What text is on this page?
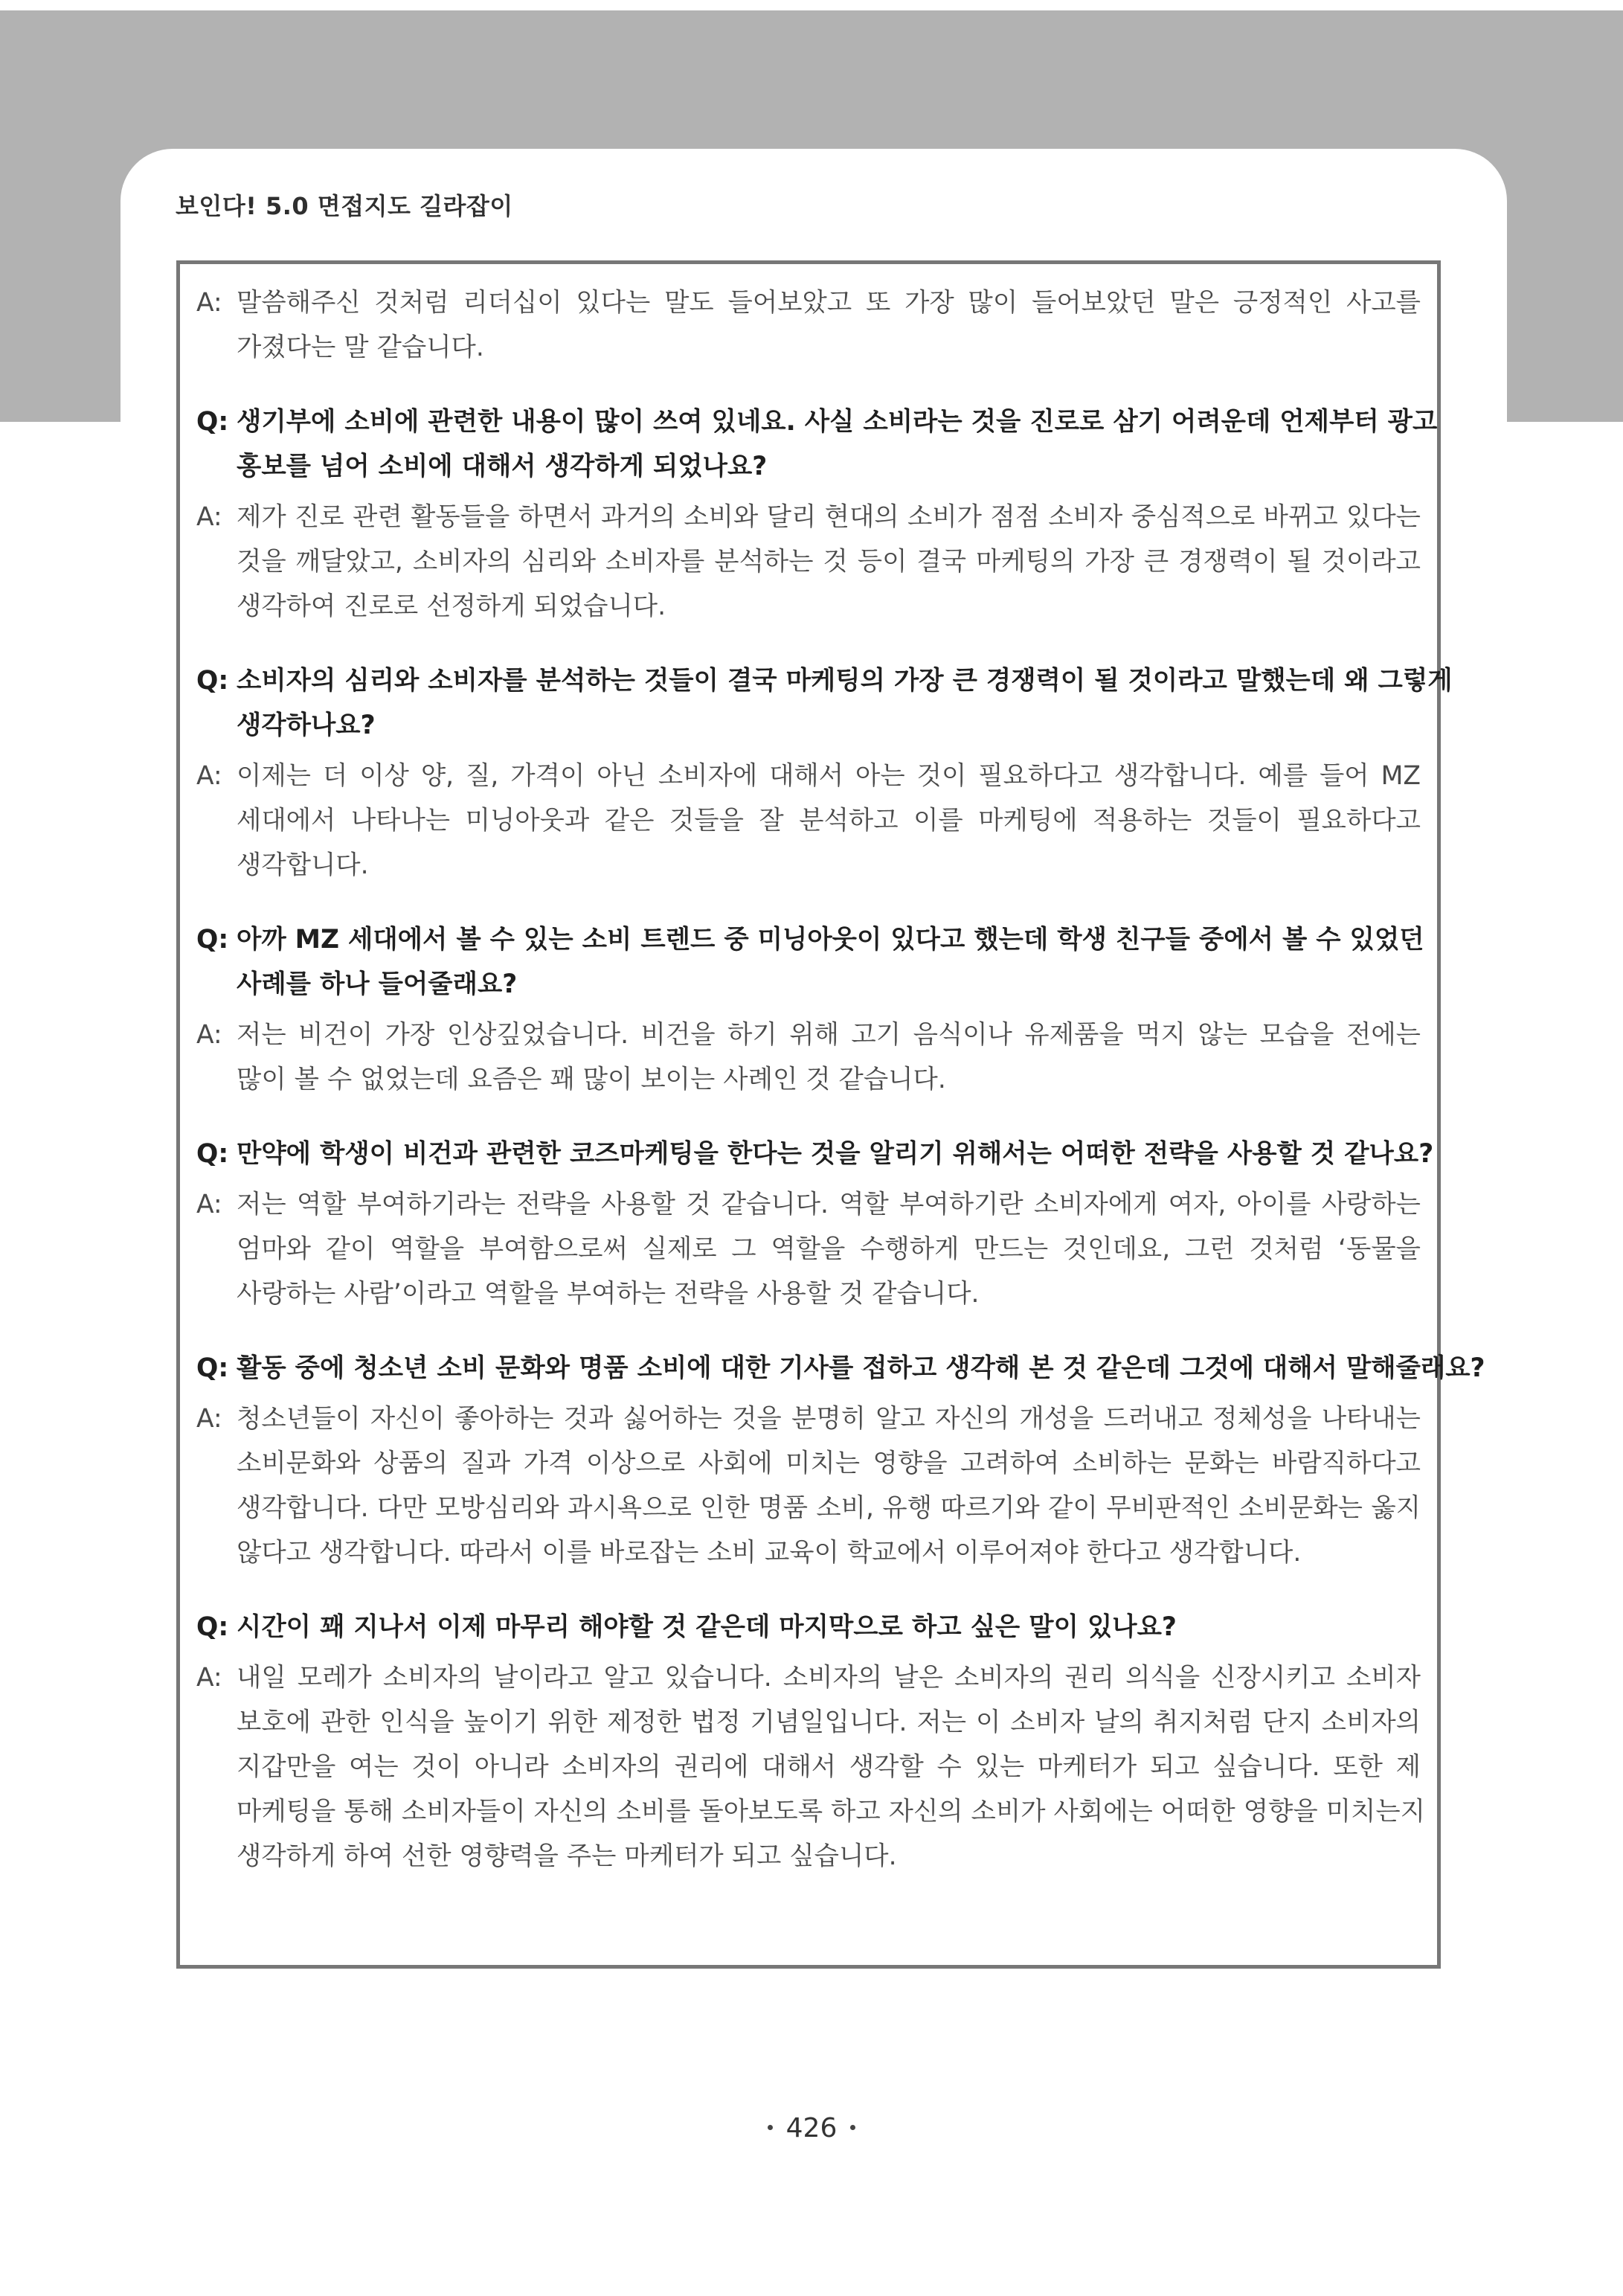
보인다! 5.0 면접지도 길라잡이
A: 말씀해주신 것처럼 리더십이 있다는 말도 들어보았고 또 가장 많이 들어보았던 말은 긍정적인 사고를
가졌다는 말 같습니다.
Q: 생기부에 소비에 관련한 내용이 많이 쓰여 있네요. 사실 소비라는 것을 진로로 삼기 어려운데 언제부터 광고
홍보를 넘어 소비에 대해서 생각하게 되었나요?
A: 제가 진로 관련 활동들을 하면서 과거의 소비와 달리 현대의 소비가 점점 소비자 중심적으로 바뀌고 있다는
것을 깨달았고, 소비자의 심리와 소비자를 분석하는 것 등이 결국 마케팅의 가장 큰 경쟁력이 될 것이라고
생각하여 진로로 선정하게 되었습니다.
Q: 소비자의 심리와 소비자를 분석하는 것들이 결국 마케팅의 가장 큰 경쟁력이 될 것이라고 말했는데 왜 그렇게
생각하나요?
A: 이제는 더 이상 양, 질, 가격이 아닌 소비자에 대해서 아는 것이 필요하다고 생각합니다. 예를 들어 MZ
세대에서 나타나는 미닝아웃과 같은 것들을 잘 분석하고 이를 마케팅에 적용하는 것들이 필요하다고
생각합니다.
Q: 아까 MZ 세대에서 볼 수 있는 소비 트렌드 중 미닝아웃이 있다고 했는데 학생 친구들 중에서 볼 수 있었던
사례를 하나 들어줄래요?
A: 저는 비건이 가장 인상깊었습니다. 비건을 하기 위해 고기 음식이나 유제품을 먹지 않는 모습을 전에는
많이 볼 수 없었는데 요즘은 꽤 많이 보이는 사례인 것 같습니다.
Q: 만약에 학생이 비건과 관련한 코즈마케팅을 한다는 것을 알리기 위해서는 어떠한 전략을 사용할 것 같나요?
A: 저는 역할 부여하기라는 전략을 사용할 것 같습니다. 역할 부여하기란 소비자에게 여자, 아이를 사랑하는
엄마와 같이 역할을 부여함으로써 실제로 그 역할을 수행하게 만드는 것인데요, 그런 것처럼 ‘동물을
사랑하는 사람’이라고 역할을 부여하는 전략을 사용할 것 같습니다.
Q: 활동 중에 청소년 소비 문화와 명품 소비에 대한 기사를 접하고 생각해 본 것 같은데 그것에 대해서 말해줄래요?
A: 청소년들이 자신이 좋아하는 것과 싫어하는 것을 분명히 알고 자신의 개성을 드러내고 정체성을 나타내는
소비문화와 상품의 질과 가격 이상으로 사회에 미치는 영향을 고려하여 소비하는 문화는 바람직하다고
생각합니다. 다만 모방심리와 과시욕으로 인한 명품 소비, 유행 따르기와 같이 무비판적인 소비문화는 옳지
않다고 생각합니다. 따라서 이를 바로잡는 소비 교육이 학교에서 이루어져야 한다고 생각합니다.
Q: 시간이 꽤 지나서 이제 마무리 해야할 것 같은데 마지막으로 하고 싶은 말이 있나요?
A: 내일 모레가 소비자의 날이라고 알고 있습니다. 소비자의 날은 소비자의 권리 의식을 신장시키고 소비자
보호에 관한 인식을 높이기 위한 제정한 법정 기념일입니다. 저는 이 소비자 날의 취지처럼 단지 소비자의
지갑만을 여는 것이 아니라 소비자의 권리에 대해서 생각할 수 있는 마케터가 되고 싶습니다. 또한 제
마케팅을 통해 소비자들이 자신의 소비를 돌아보도록 하고 자신의 소비가 사회에는 어떠한 영향을 미치는지
생각하게 하여 선한 영향력을 주는 마케터가 되고 싶습니다.
426
